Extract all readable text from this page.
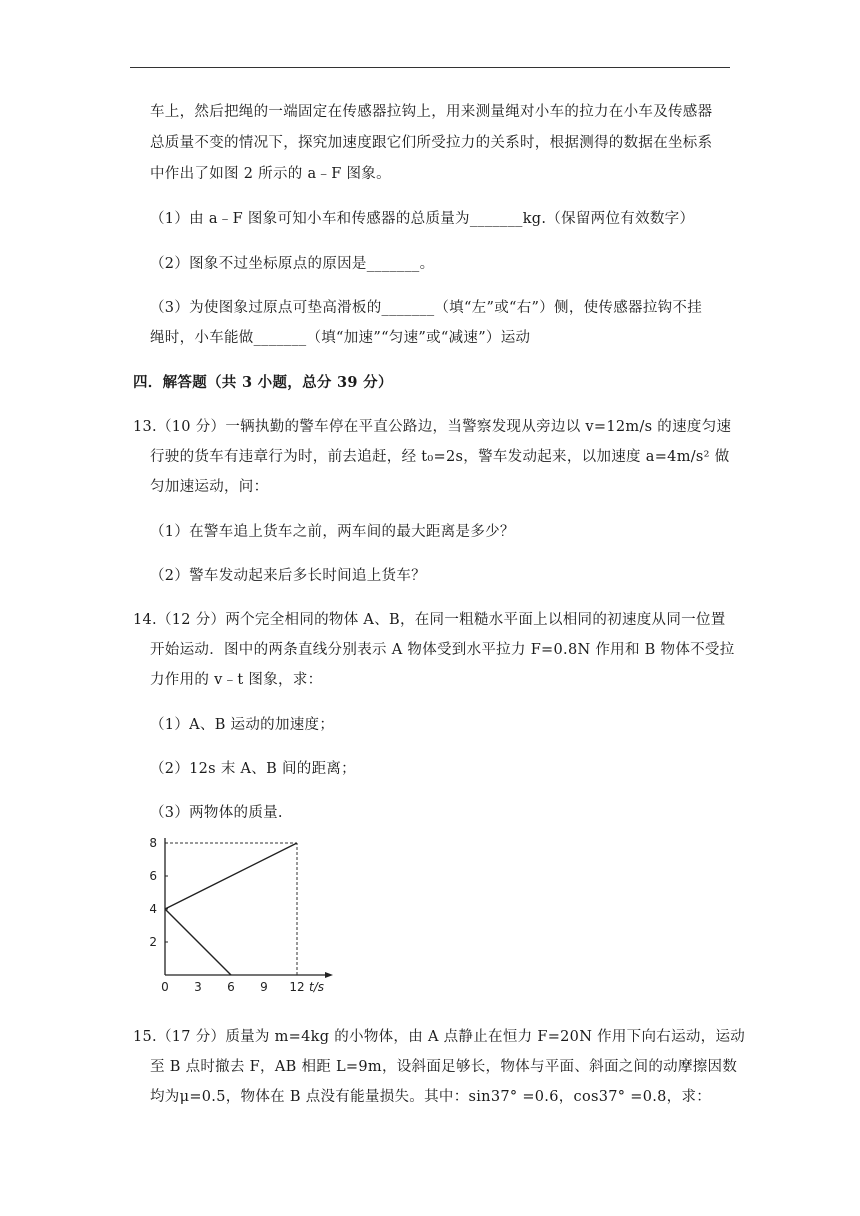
车上，然后把绳的一端固定在传感器拉钩上，用来测量绳对小车的拉力在小车及传感器
总质量不变的情况下，探究加速度跟它们所受拉力的关系时，根据测得的数据在坐标系
中作出了如图 2 所示的 a﹣F 图象。
（1）由 a﹣F 图象可知小车和传感器的总质量为_______kg.（保留两位有效数字）
（2）图象不过坐标原点的原因是_______。
（3）为使图象过原点可垫高滑板的_______（填“左”或“右”）侧，使传感器拉钩不挂
绳时，小车能做_______（填“加速”“匀速”或“减速”）运动
四．解答题（共 3 小题，总分 39 分）
13.（10 分）一辆执勤的警车停在平直公路边，当警察发现从旁边以 v=12m/s 的速度匀速
行驶的货车有违章行为时，前去追赶，经 t₀=2s，警车发动起来，以加速度 a=4m/s² 做
匀加速运动，问：
（1）在警车追上货车之前，两车间的最大距离是多少？
（2）警车发动起来后多长时间追上货车？
14.（12 分）两个完全相同的物体 A、B，在同一粗糙水平面上以相同的初速度从同一位置
开始运动．图中的两条直线分别表示 A 物体受到水平拉力 F=0.8N 作用和 B 物体不受拉
力作用的 v﹣t 图象，求：
（1）A、B 运动的加速度；
（2）12s 末 A、B 间的距离；
（3）两物体的质量.
15.（17 分）质量为 m=4kg 的小物体，由 A 点静止在恒力 F=20N 作用下向右运动，运动
至 B 点时撤去 F，AB 相距 L=9m，设斜面足够长，物体与平面、斜面之间的动摩擦因数
均为μ=0.5，物体在 B 点没有能量损失。其中：sin37° =0.6，cos37° =0.8，求：
0 3 6 9 12
2
4
6
8
t/s
